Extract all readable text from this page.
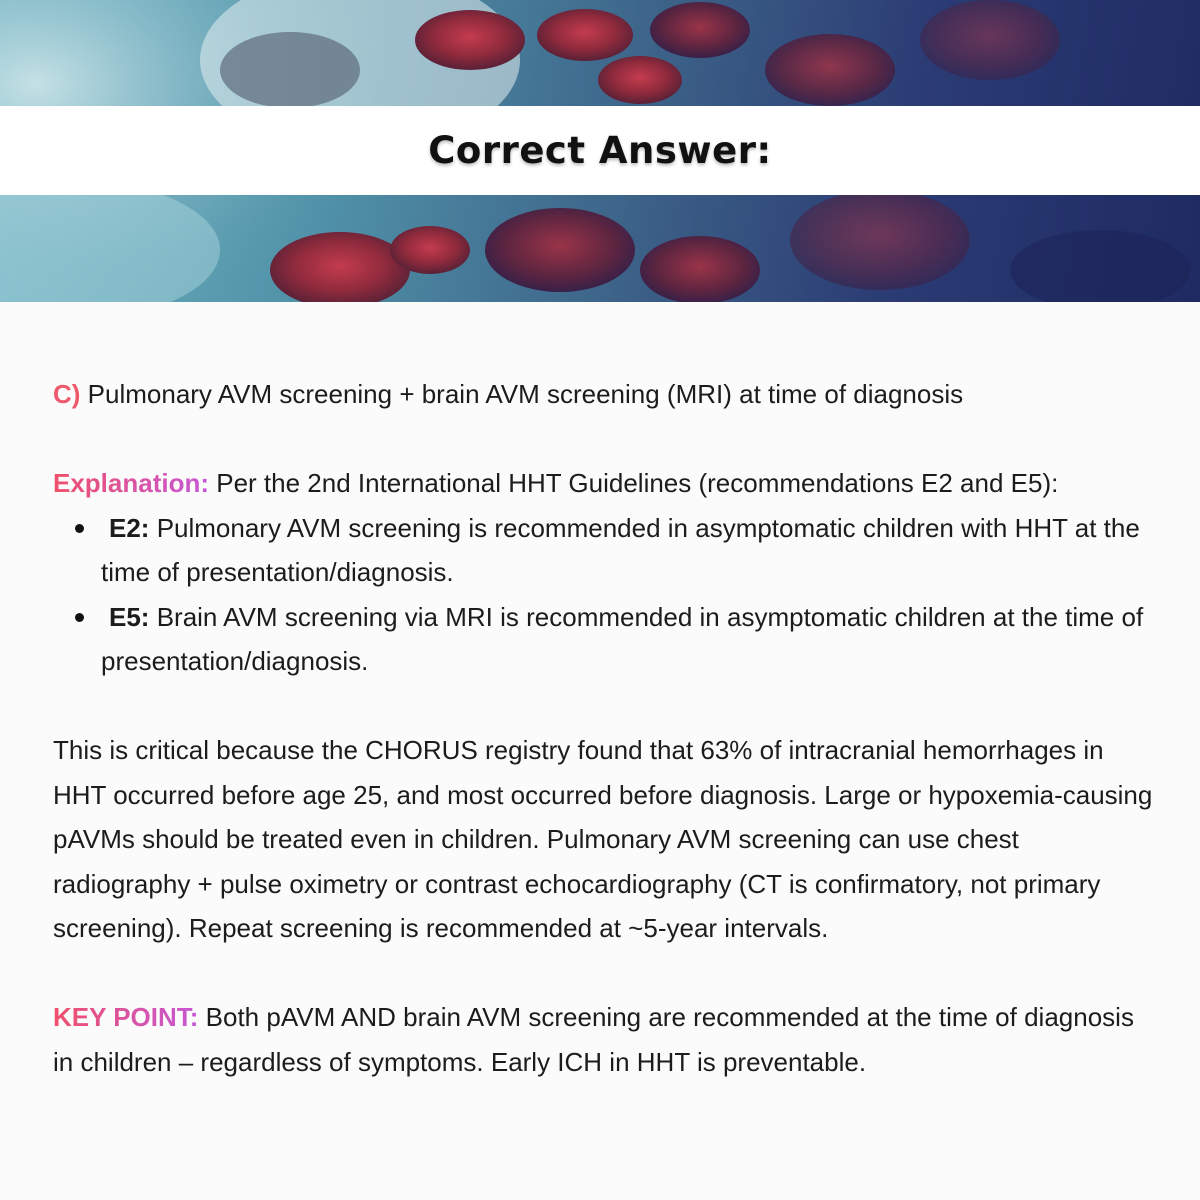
Correct Answer:

C) Pulmonary AVM screening + brain AVM screening (MRI) at time of diagnosis

Explanation: Per the 2nd International HHT Guidelines (recommendations E2 and E5):

E2: Pulmonary AVM screening is recommended in asymptomatic children with HHT at the time of presentation/diagnosis.
E5: Brain AVM screening via MRI is recommended in asymptomatic children at the time of presentation/diagnosis.

This is critical because the CHORUS registry found that 63% of intracranial hemorrhages in HHT occurred before age 25, and most occurred before diagnosis. Large or hypoxemia-causing pAVMs should be treated even in children. Pulmonary AVM screening can use chest radiography + pulse oximetry or contrast echocardiography (CT is confirmatory, not primary screening). Repeat screening is recommended at ~5-year intervals.

KEY POINT: Both pAVM AND brain AVM screening are recommended at the time of diagnosis in children – regardless of symptoms. Early ICH in HHT is preventable.
